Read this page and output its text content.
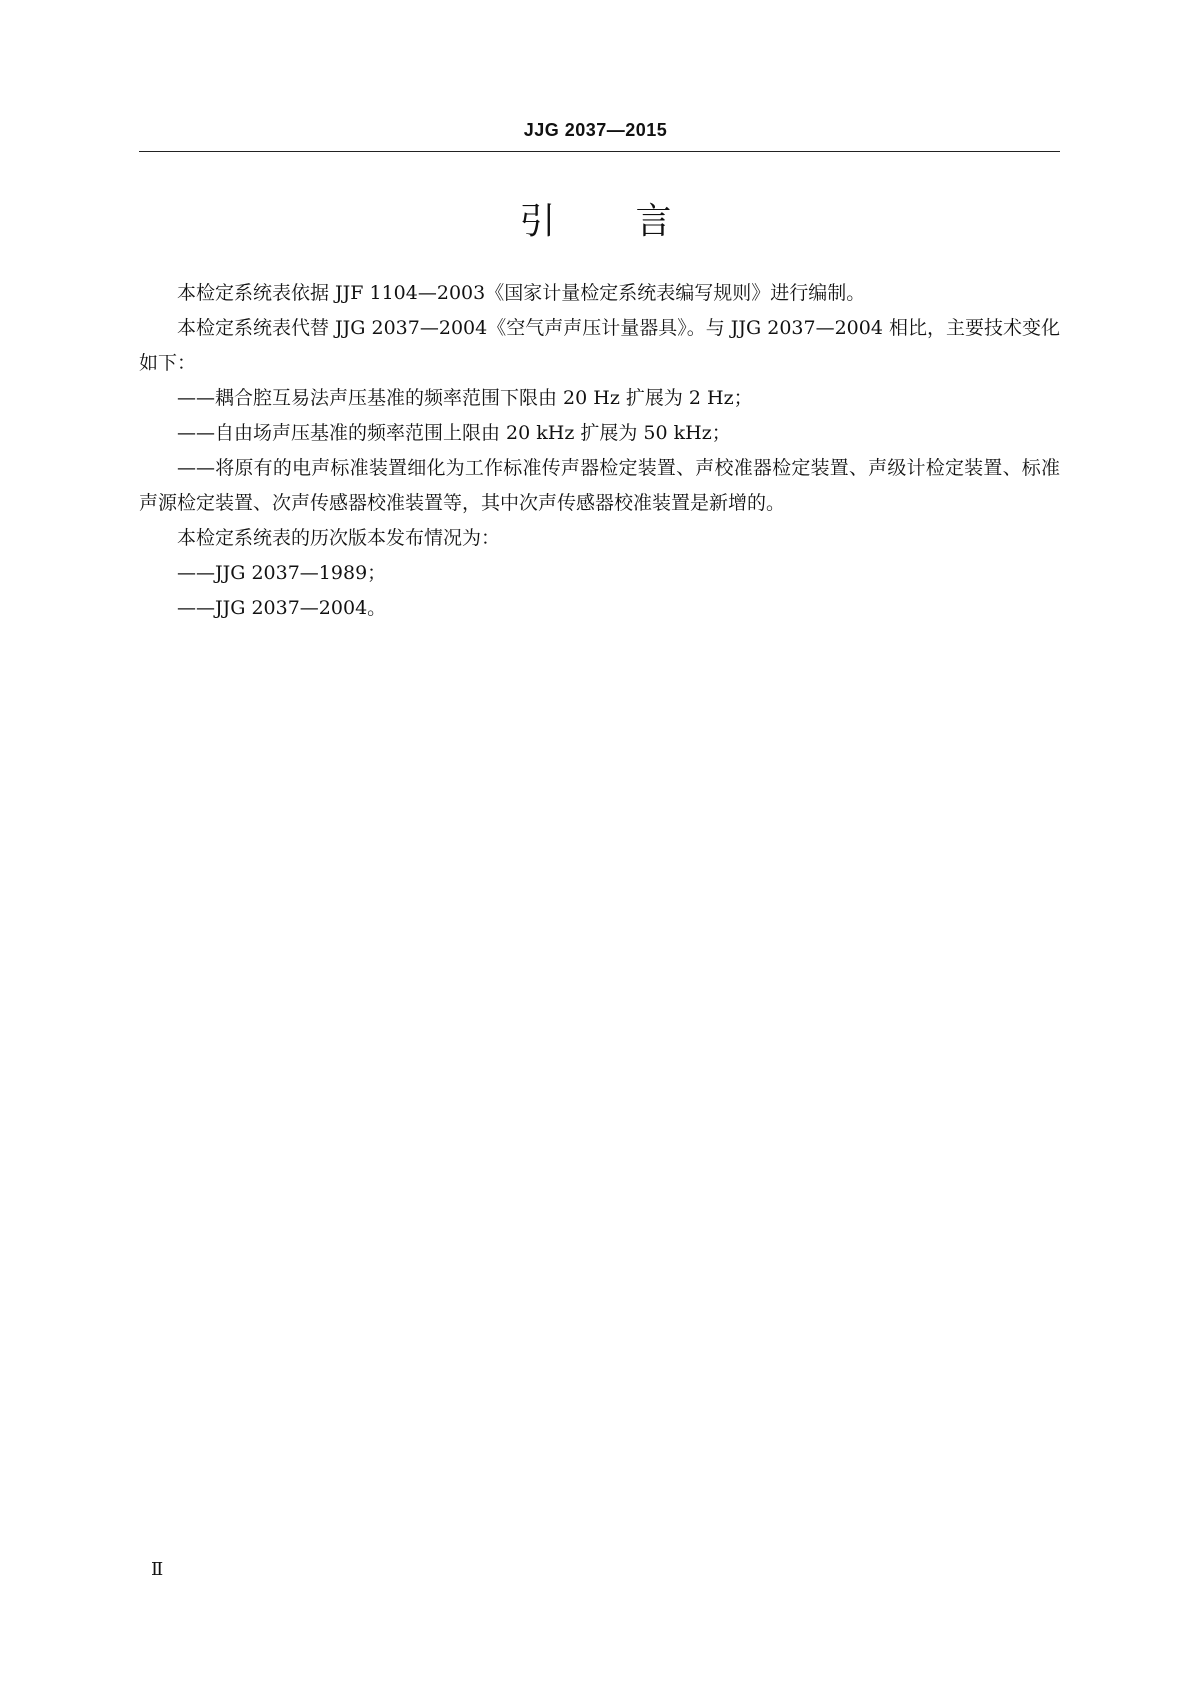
JJG 2037—2015
引 言

本检定系统表依据 JJF 1104—2003《国家计量检定系统表编写规则》进行编制。

本检定系统表代替 JJG 2037—2004《空气声声压计量器具》。与 JJG 2037—2004 相比，主要技术变化如下：

——耦合腔互易法声压基准的频率范围下限由 20 Hz 扩展为 2 Hz；

——自由场声压基准的频率范围上限由 20 kHz 扩展为 50 kHz；

——将原有的电声标准装置细化为工作标准传声器检定装置、声校准器检定装置、声级计检定装置、标准声源检定装置、次声传感器校准装置等，其中次声传感器校准装置是新增的。

本检定系统表的历次版本发布情况为：

——JJG 2037—1989；

——JJG 2037—2004。

Ⅱ
